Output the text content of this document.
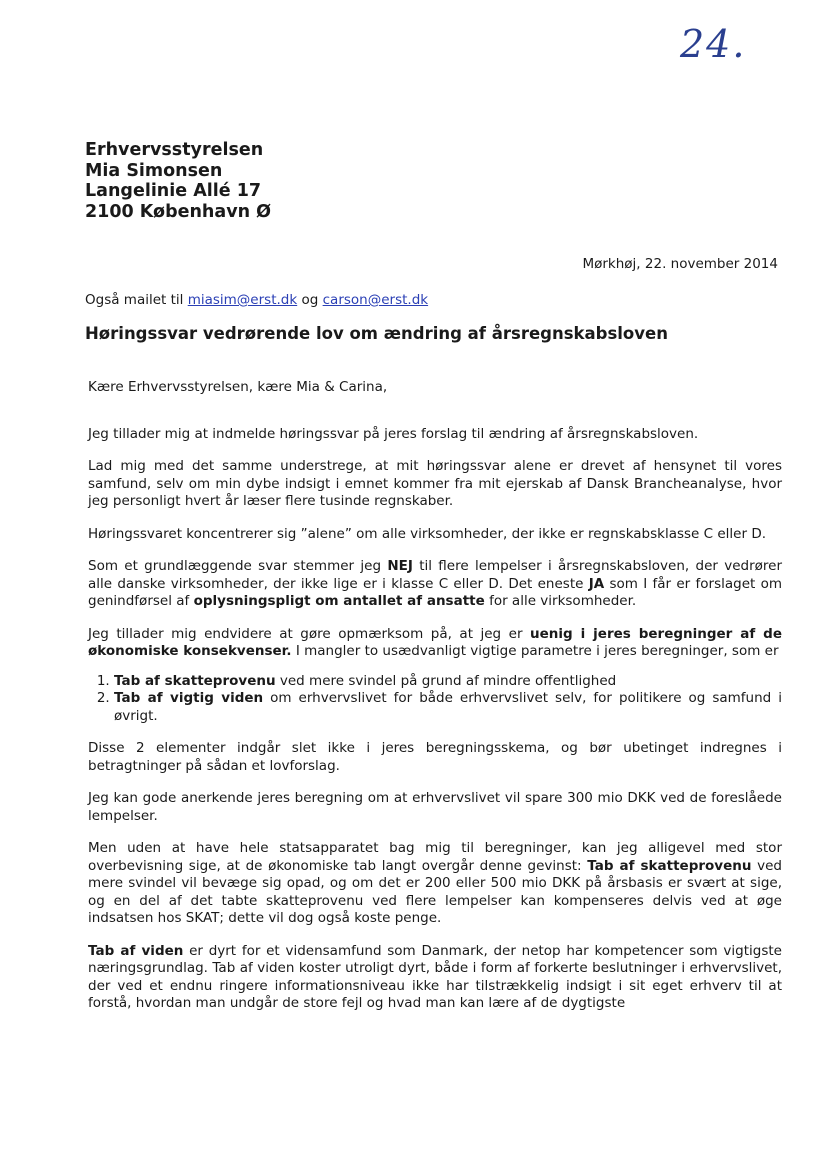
24.
Erhvervsstyrelsen
Mia Simonsen
Langelinie Allé 17
2100 København Ø
Mørkhøj, 22. november 2014
Også mailet til miasim@erst.dk og carson@erst.dk
Høringssvar vedrørende lov om ændring af årsregnskabsloven

Kære Erhvervsstyrelsen, kære Mia & Carina,

Jeg tillader mig at indmelde høringssvar på jeres forslag til ændring af årsregnskabsloven.

Lad mig med det samme understrege, at mit høringssvar alene er drevet af hensynet til vores samfund, selv om min dybe indsigt i emnet kommer fra mit ejerskab af Dansk Brancheanalyse, hvor jeg personligt hvert år læser flere tusinde regnskaber.

Høringssvaret koncentrerer sig ”alene” om alle virksomheder, der ikke er regnskabsklasse C eller D.

Som et grundlæggende svar stemmer jeg NEJ til flere lempelser i årsregnskabsloven, der vedrører alle danske virksomheder, der ikke lige er i klasse C eller D. Det eneste JA som I får er forslaget om genindførsel af oplysningspligt om antallet af ansatte for alle virksomheder.

Jeg tillader mig endvidere at gøre opmærksom på, at jeg er uenig i jeres beregninger af de økonomiske konsekvenser. I mangler to usædvanligt vigtige parametre i jeres beregninger, som er

1. Tab af skatteprovenu ved mere svindel på grund af mindre offentlighed
2. Tab af vigtig viden om erhvervslivet for både erhvervslivet selv, for politikere og samfund i øvrigt.

Disse 2 elementer indgår slet ikke i jeres beregningsskema, og bør ubetinget indregnes i betragtninger på sådan et lovforslag.

Jeg kan gode anerkende jeres beregning om at erhvervslivet vil spare 300 mio DKK ved de foreslåede lempelser.

Men uden at have hele statsapparatet bag mig til beregninger, kan jeg alligevel med stor overbevisning sige, at de økonomiske tab langt overgår denne gevinst: Tab af skatteprovenu ved mere svindel vil bevæge sig opad, og om det er 200 eller 500 mio DKK på årsbasis er svært at sige, og en del af det tabte skatteprovenu ved flere lempelser kan kompenseres delvis ved at øge indsatsen hos SKAT; dette vil dog også koste penge.

Tab af viden er dyrt for et vidensamfund som Danmark, der netop har kompetencer som vigtigste næringsgrundlag. Tab af viden koster utroligt dyrt, både i form af forkerte beslutninger i erhvervslivet, der ved et endnu ringere informationsniveau ikke har tilstrækkelig indsigt i sit eget erhverv til at forstå, hvordan man undgår de store fejl og hvad man kan lære af de dygtigste
